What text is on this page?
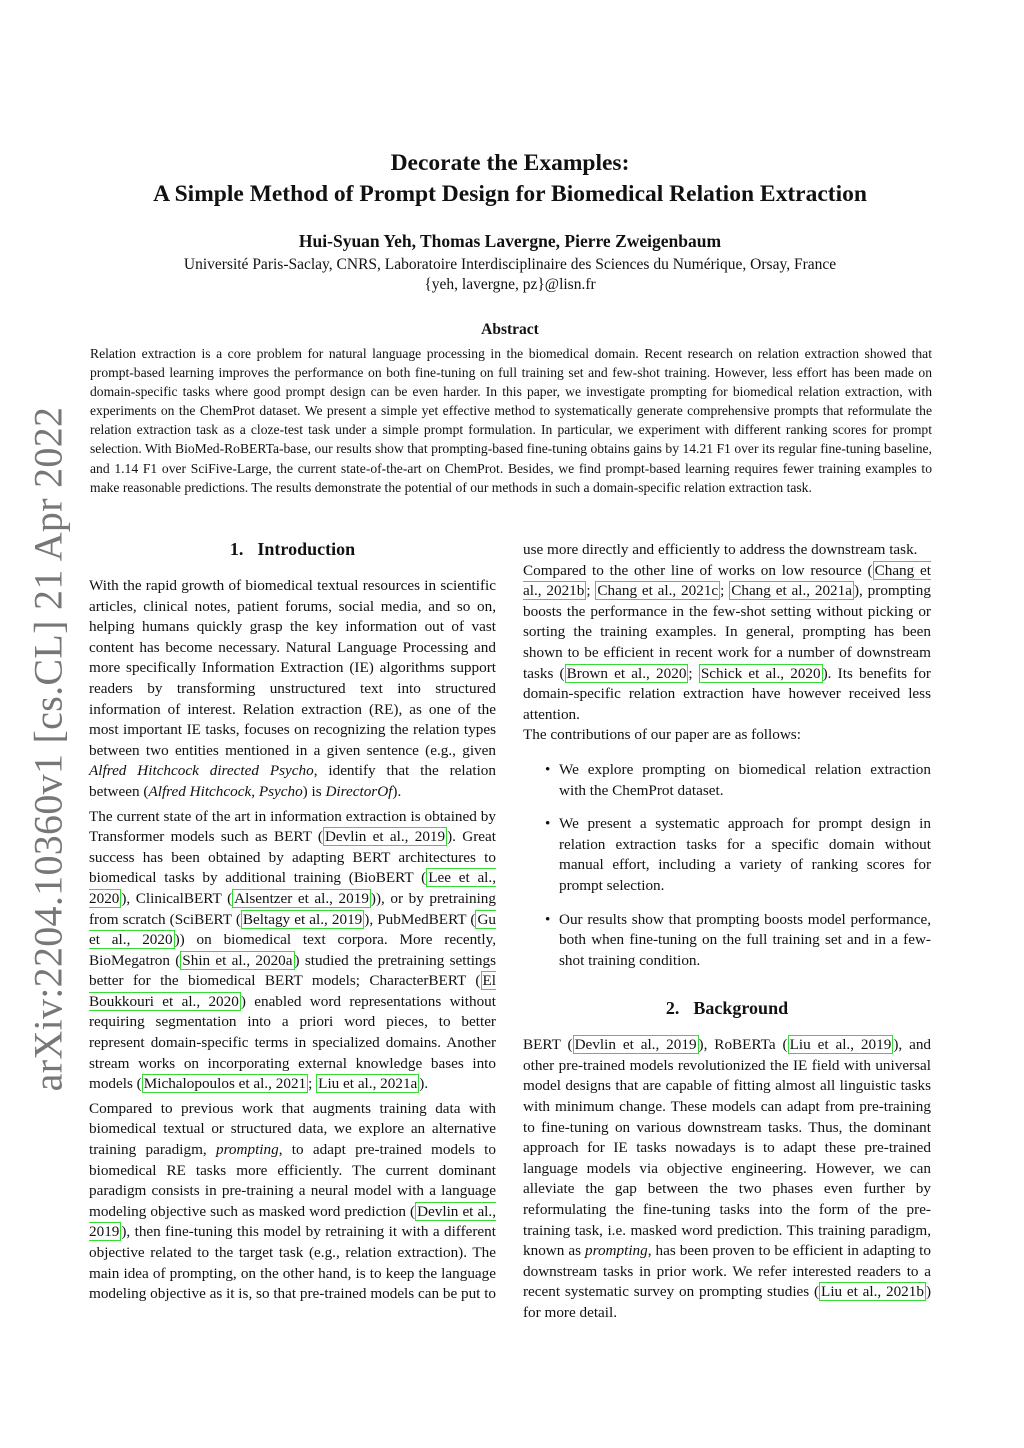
arXiv:2204.10360v1 [cs.CL] 21 Apr 2022
Decorate the Examples:
A Simple Method of Prompt Design for Biomedical Relation Extraction
Hui-Syuan Yeh, Thomas Lavergne, Pierre Zweigenbaum
Université Paris-Saclay, CNRS, Laboratoire Interdisciplinaire des Sciences du Numérique, Orsay, France
{yeh, lavergne, pz}@lisn.fr
Abstract
Relation extraction is a core problem for natural language processing in the biomedical domain. Recent research on relation extraction showed that prompt-based learning improves the performance on both fine-tuning on full training set and few-shot training. However, less effort has been made on domain-specific tasks where good prompt design can be even harder. In this paper, we investigate prompting for biomedical relation extraction, with experiments on the ChemProt dataset. We present a simple yet effective method to systematically generate comprehensive prompts that reformulate the relation extraction task as a cloze-test task under a simple prompt formulation. In particular, we experiment with different ranking scores for prompt selection. With BioMed-RoBERTa-base, our results show that prompting-based fine-tuning obtains gains by 14.21 F1 over its regular fine-tuning baseline, and 1.14 F1 over SciFive-Large, the current state-of-the-art on ChemProt. Besides, we find prompt-based learning requires fewer training examples to make reasonable predictions. The results demonstrate the potential of our methods in such a domain-specific relation extraction task.
1. Introduction

With the rapid growth of biomedical textual resources in scientific articles, clinical notes, patient forums, social media, and so on, helping humans quickly grasp the key information out of vast content has become necessary. Natural Language Processing and more specifically Information Extraction (IE) algorithms support readers by transforming unstructured text into structured information of interest. Relation extraction (RE), as one of the most important IE tasks, focuses on recognizing the relation types between two entities mentioned in a given sentence (e.g., given Alfred Hitchcock directed Psycho, identify that the relation between (Alfred Hitchcock, Psycho) is DirectorOf).

The current state of the art in information extraction is obtained by Transformer models such as BERT ( Devlin et al., 2019 ). Great success has been obtained by adapting BERT architectures to biomedical tasks by additional training (BioBERT ( Lee et al., 2020 ), ClinicalBERT ( Alsentzer et al., 2019 )), or by pretraining from scratch (SciBERT ( Beltagy et al., 2019 ), PubMedBERT ( Gu et al., 2020 )) on biomedical text corpora. More recently, BioMegatron ( Shin et al., 2020a ) studied the pretraining settings better for the biomedical BERT models; CharacterBERT ( El Boukkouri et al., 2020 ) enabled word representations without requiring segmentation into a priori word pieces, to better represent domain-specific terms in specialized domains. Another stream works on incorporating external knowledge bases into models ( Michalopoulos et al., 2021 ; Liu et al., 2021a ).

Compared to previous work that augments training data with biomedical textual or structured data, we explore an alternative training paradigm, prompting, to adapt pre-trained models to biomedical RE tasks more efficiently. The current dominant paradigm consists in pre-training a neural model with a language modeling objective such as masked word prediction ( Devlin et al., 2019 ), then fine-tuning this model by retraining it with a different objective related to the target task (e.g., relation extraction). The main idea of prompting, on the other hand, is to keep the language modeling objective as it is, so that pre-trained models can be put to

use more directly and efficiently to address the downstream task.

Compared to the other line of works on low resource ( Chang et al., 2021b ; Chang et al., 2021c ; Chang et al., 2021a ), prompting boosts the performance in the few-shot setting without picking or sorting the training examples. In general, prompting has been shown to be efficient in recent work for a number of downstream tasks ( Brown et al., 2020 ; Schick et al., 2020 ). Its benefits for domain-specific relation extraction have however received less attention.

The contributions of our paper are as follows:

• We explore prompting on biomedical relation extraction with the ChemProt dataset.
• We present a systematic approach for prompt design in relation extraction tasks for a specific domain without manual effort, including a variety of ranking scores for prompt selection.
• Our results show that prompting boosts model performance, both when fine-tuning on the full training set and in a few-shot training condition.
2. Background

BERT ( Devlin et al., 2019 ), RoBERTa ( Liu et al., 2019 ), and other pre-trained models revolutionized the IE field with universal model designs that are capable of fitting almost all linguistic tasks with minimum change. These models can adapt from pre-training to fine-tuning on various downstream tasks. Thus, the dominant approach for IE tasks nowadays is to adapt these pre-trained language models via objective engineering. However, we can alleviate the gap between the two phases even further by reformulating the fine-tuning tasks into the form of the pre-training task, i.e. masked word prediction. This training paradigm, known as prompting, has been proven to be efficient in adapting to downstream tasks in prior work. We refer interested readers to a recent systematic survey on prompting studies ( Liu et al., 2021b ) for more detail.
